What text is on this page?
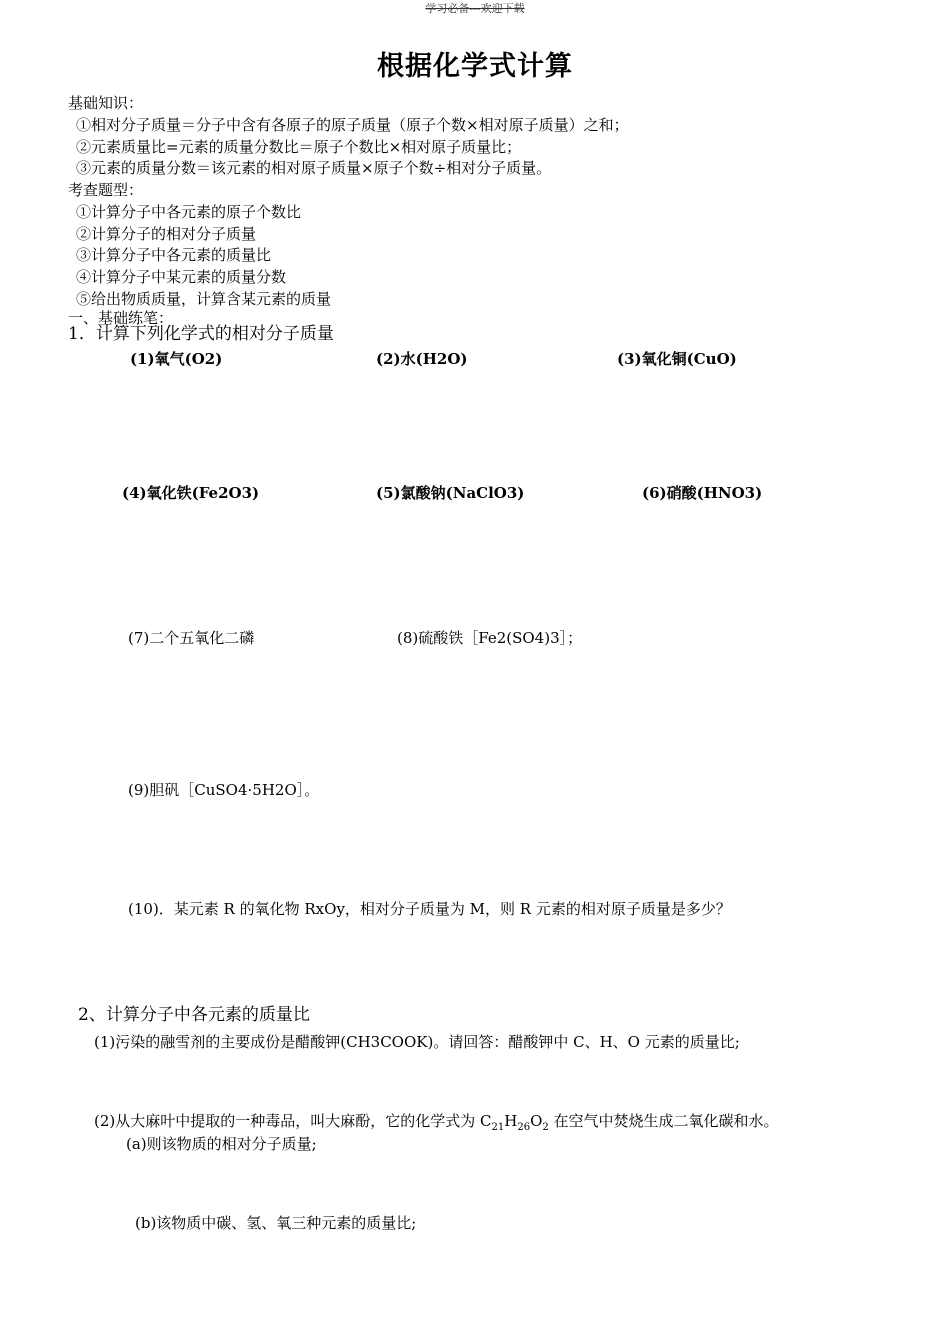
学习必备---欢迎下载
根据化学式计算
基础知识：
①相对分子质量＝分子中含有各原子的原子质量（原子个数×相对原子质量）之和；
②元素质量比=元素的质量分数比＝原子个数比×相对原子质量比；
③元素的质量分数＝该元素的相对原子质量×原子个数÷相对分子质量。
考查题型：
①计算分子中各元素的原子个数比
②计算分子的相对分子质量
③计算分子中各元素的质量比
④计算分子中某元素的质量分数
⑤给出物质质量，计算含某元素的质量
一、基础练笔：
1．计算下列化学式的相对分子质量
(1)氧气(O2)	(2)水(H2O)	(3)氧化铜(CuO)
(4)氧化铁(Fe2O3)	(5)氯酸钠(NaClO3)	(6)硝酸(HNO3)
(7)二个五氧化二磷	(8)硫酸铁［Fe2(SO4)3］；
(9)胆矾［CuSO4·5H2O］。
(10)．某元素 R 的氧化物 RxOy，相对分子质量为 M，则 R 元素的相对原子质量是多少？
2、计算分子中各元素的质量比
(1)污染的融雪剂的主要成份是醋酸钾(CH3COOK)。请回答：醋酸钾中 C、H、O 元素的质量比;
(2)从大麻叶中提取的一种毒品，叫大麻酚，它的化学式为 $C_{21}H_{26}O_2$ 在空气中焚烧生成二氧化碳和水。
(a)则该物质的相对分子质量;
(b)该物质中碳、氢、氧三种元素的质量比;
